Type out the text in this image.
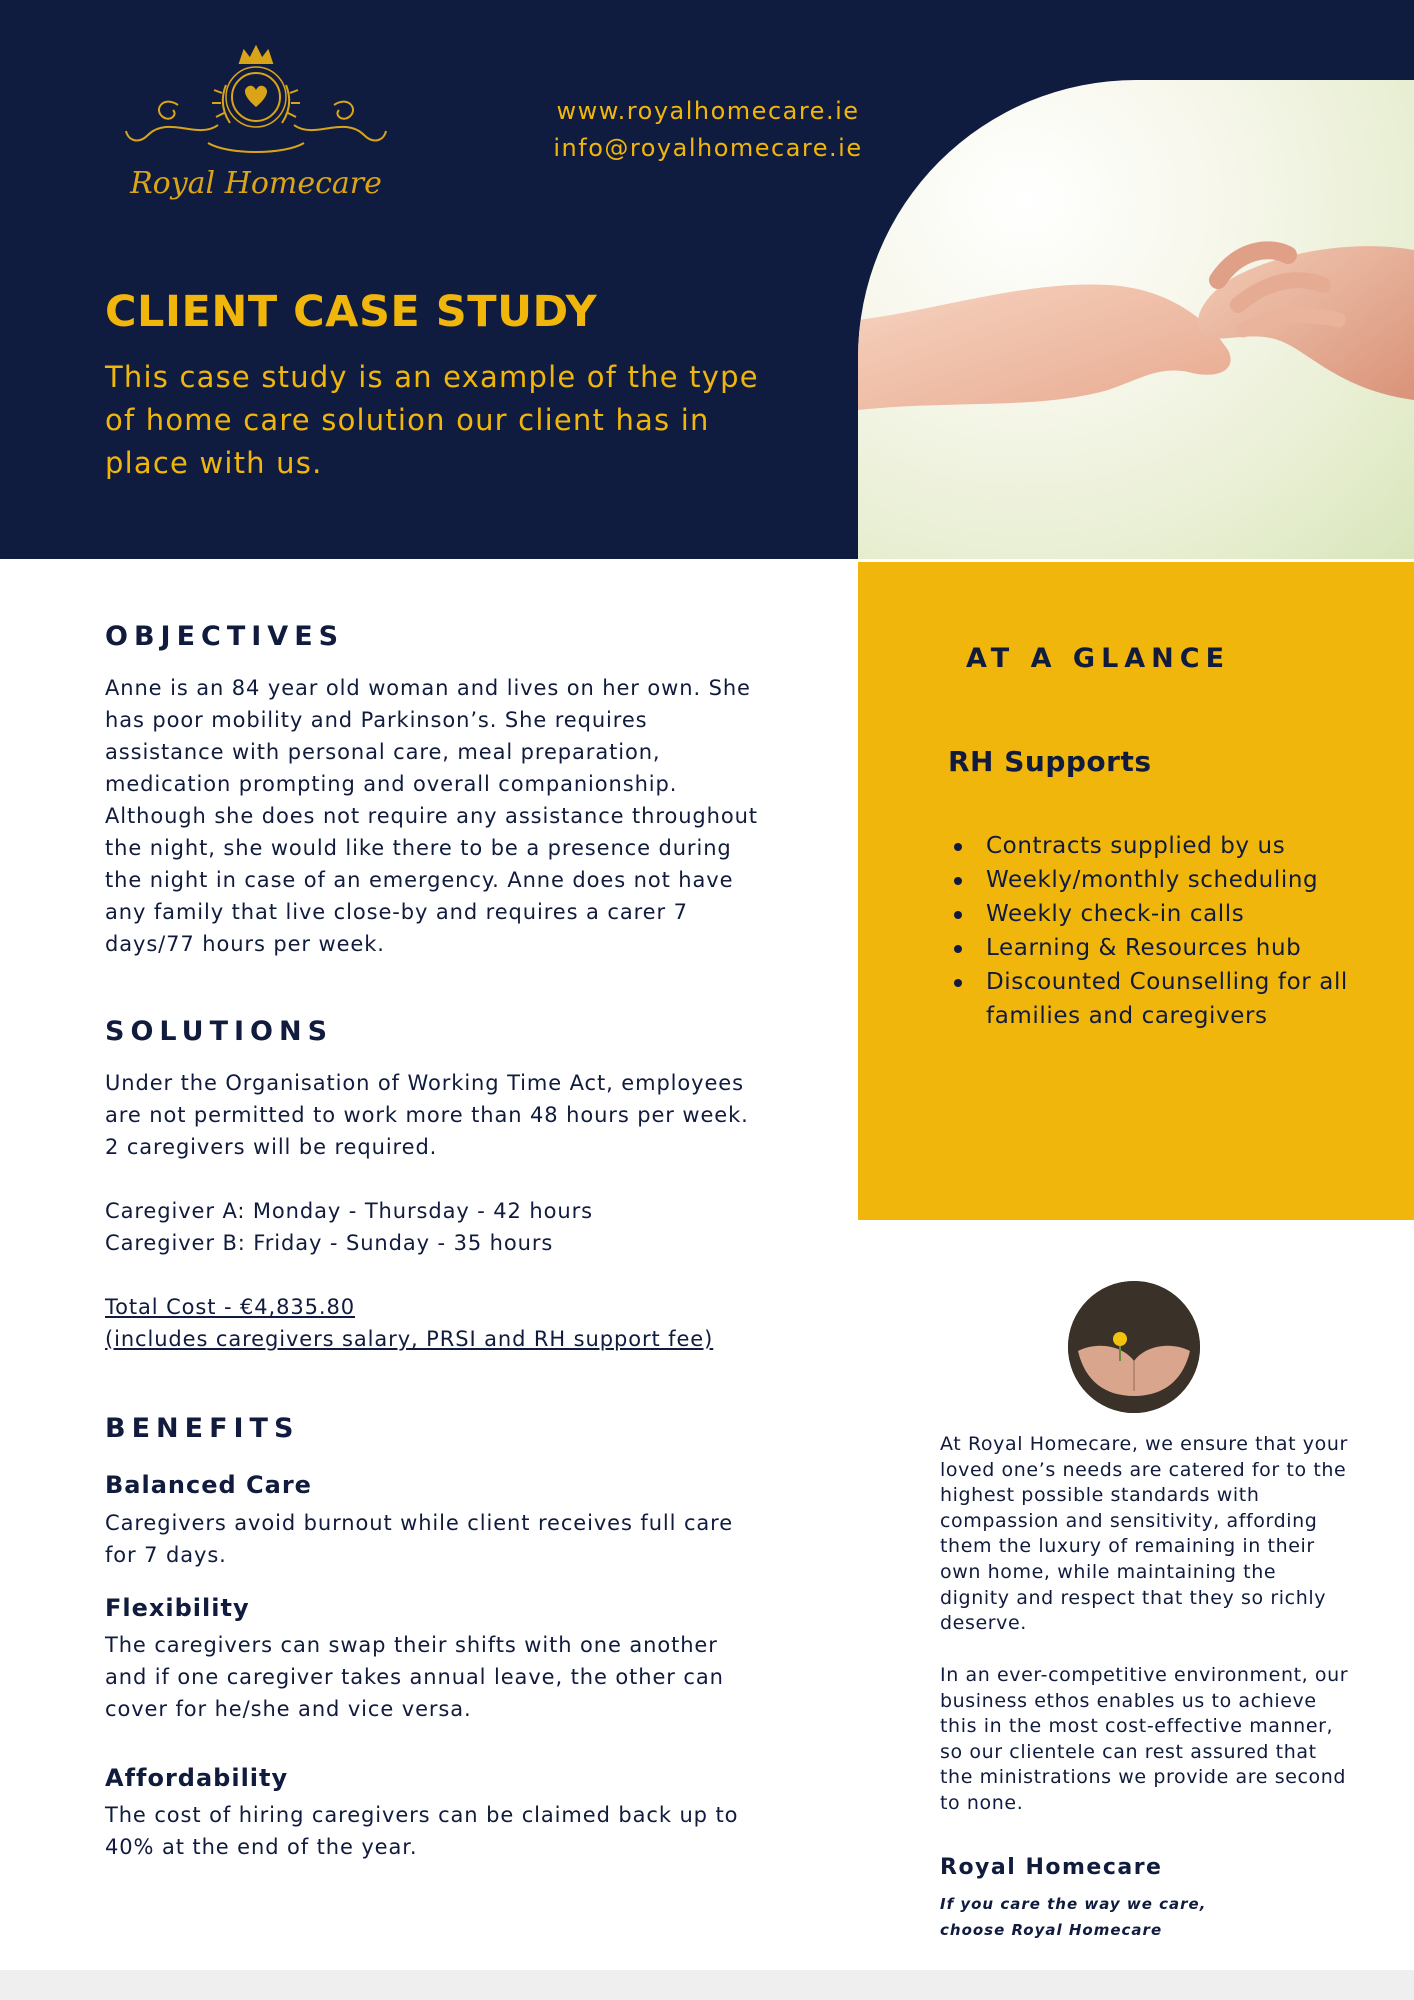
Royal Homecare
www.royalhomecare.ie
info@royalhomecare.ie
CLIENT CASE STUDY

This case study is an example of the type of home care solution our client has in place with us.

AT A GLANCE
RH Supports
Contracts supplied by us
Weekly/monthly scheduling
Weekly check-in calls
Learning & Resources hub
Discounted Counselling for all families and caregivers
OBJECTIVES

Anne is an 84 year old woman and lives on her own. She has poor mobility and Parkinson’s. She requires assistance with personal care, meal preparation, medication prompting and overall companionship. Although she does not require any assistance throughout the night, she would like there to be a presence during the night in case of an emergency. Anne does not have any family that live close-by and requires a carer 7 days/77 hours per week.

SOLUTIONS

Under the Organisation of Working Time Act, employees are not permitted to work more than 48 hours per week. 2 caregivers will be required.

Caregiver A: Monday - Thursday - 42 hours

Caregiver B: Friday - Sunday - 35 hours

Total Cost - €4,835.80

(includes caregivers salary, PRSI and RH support fee)

BENEFITS
Balanced Care

Caregivers avoid burnout while client receives full care for 7 days.

Flexibility

The caregivers can swap their shifts with one another and if one caregiver takes annual leave, the other can cover for he/she and vice versa.

Affordability

The cost of hiring caregivers can be claimed back up to 40% at the end of the year.

At Royal Homecare, we ensure that your loved one’s needs are catered for to the highest possible standards with compassion and sensitivity, affording them the luxury of remaining in their own home, while maintaining the dignity and respect that they so richly deserve.

In an ever-competitive environment, our business ethos enables us to achieve this in the most cost-effective manner, so our clientele can rest assured that the ministrations we provide are second to none.

Royal Homecare

If you care the way we care, choose Royal Homecare
